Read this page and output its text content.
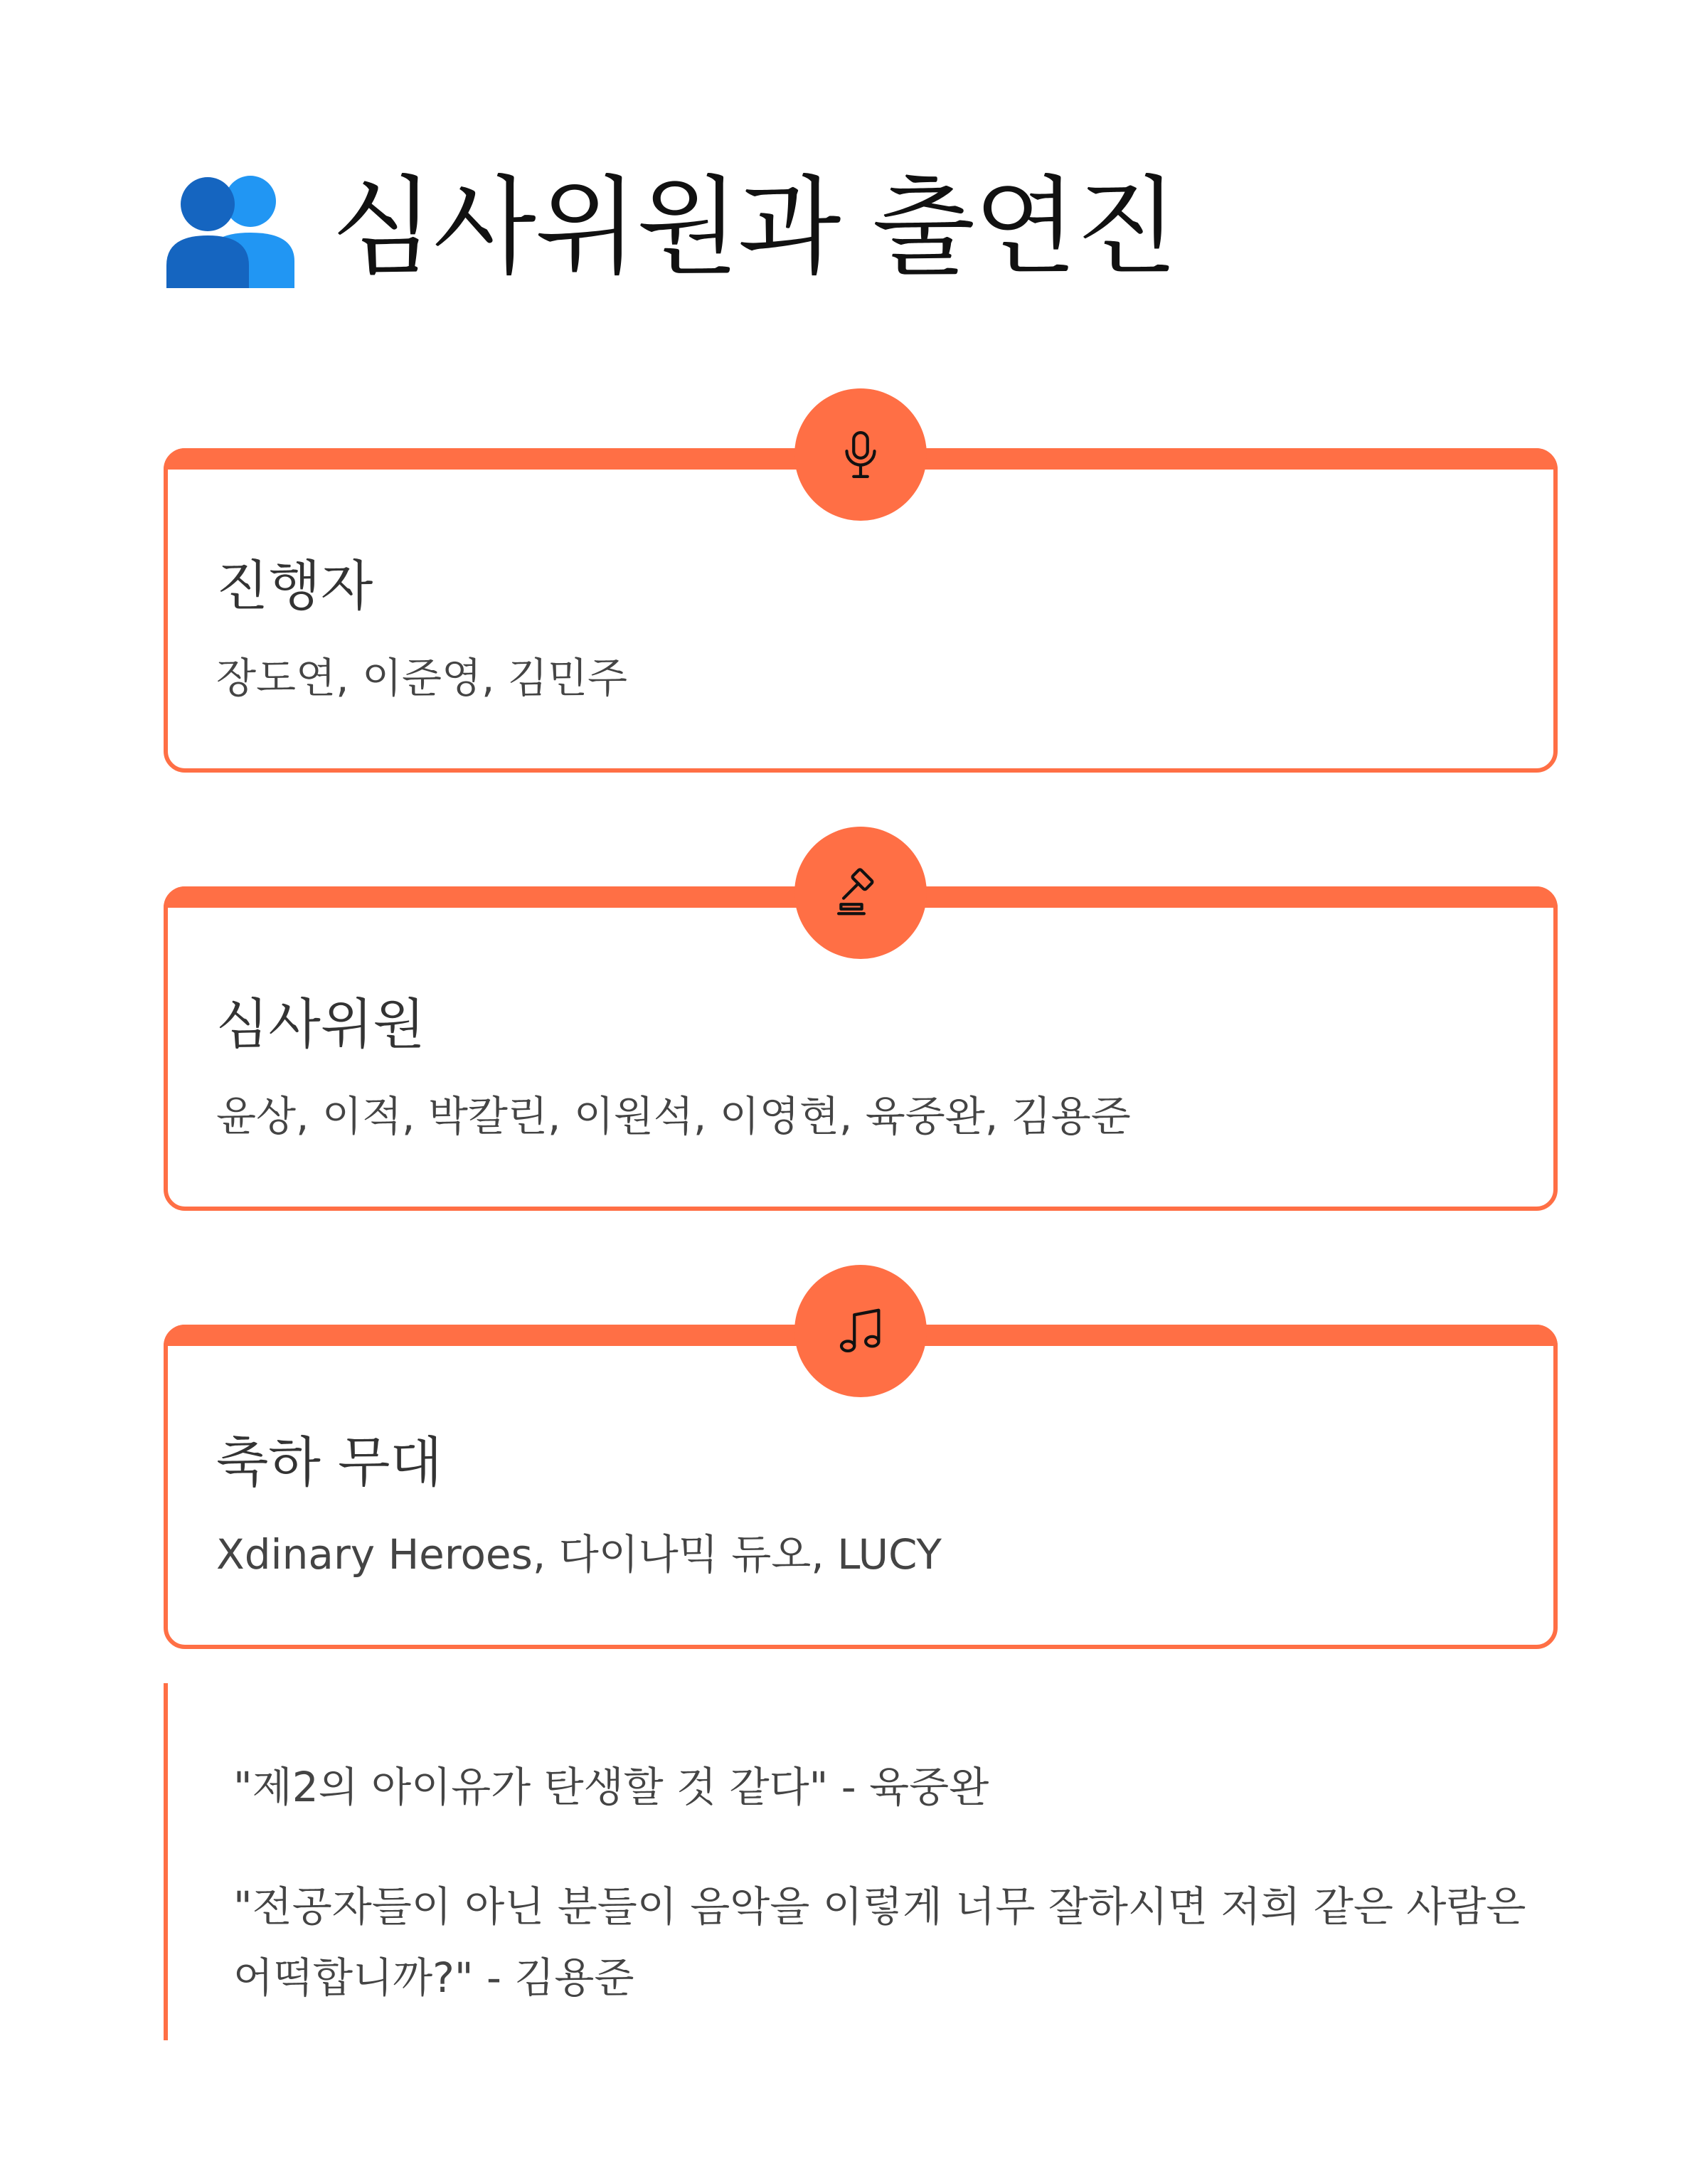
심사위원과 출연진
진행자
장도연, 이준영, 김민주
심사위원
윤상, 이적, 박칼린, 이원석, 이영현, 육중완, 김용준
축하 무대
Xdinary Heroes, 다이나믹 듀오, LUCY
"제2의 아이유가 탄생할 것 같다" - 육중완
"전공자들이 아닌 분들이 음악을 이렇게 너무 잘하시면 저희 같은 사람은 어떡합니까?" - 김용준
